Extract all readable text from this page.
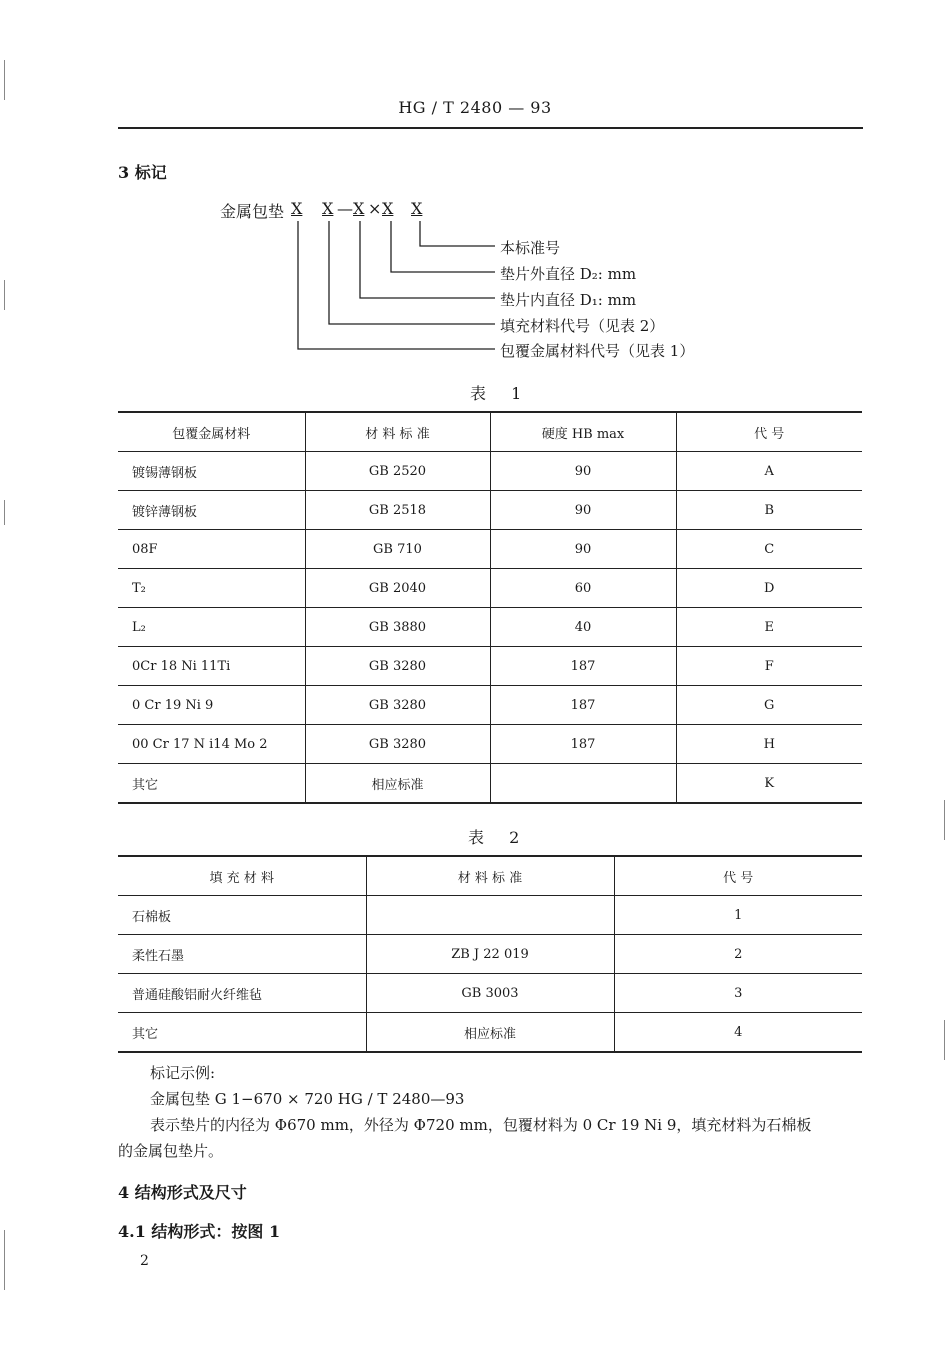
HG / T 2480 — 93
3 标记
金属包垫 X X — X × X X
本标准号
垫片外直径 D₂: mm
垫片内直径 D₁: mm
填充材料代号（见表 2）
包覆金属材料代号（见表 1）
表 1
包覆金属材料	材 料 标 准	硬度 HB max	代 号
镀锡薄钢板	GB 2520	90	A
镀锌薄钢板	GB 2518	90	B
08F	GB 710	90	C
T₂	GB 2040	60	D
L₂	GB 3880	40	E
0Cr 18 Ni 11Ti	GB 3280	187	F
0 Cr 19 Ni 9	GB 3280	187	G
00 Cr 17 N i14 Mo 2	GB 3280	187	H
其它	相应标准		K
表 2
填 充 材 料	材 料 标 准	代 号
石棉板		1
柔性石墨	ZB J 22 019	2
普通硅酸铝耐火纤维毡	GB 3003	3
其它	相应标准	4
标记示例:
金属包垫 G 1−670 × 720 HG / T 2480—93
表示垫片的内径为 Φ670 mm，外径为 Φ720 mm，包覆材料为 0 Cr 19 Ni 9，填充材料为石棉板
的金属包垫片。
4 结构形式及尺寸
4.1 结构形式：按图 1
2
